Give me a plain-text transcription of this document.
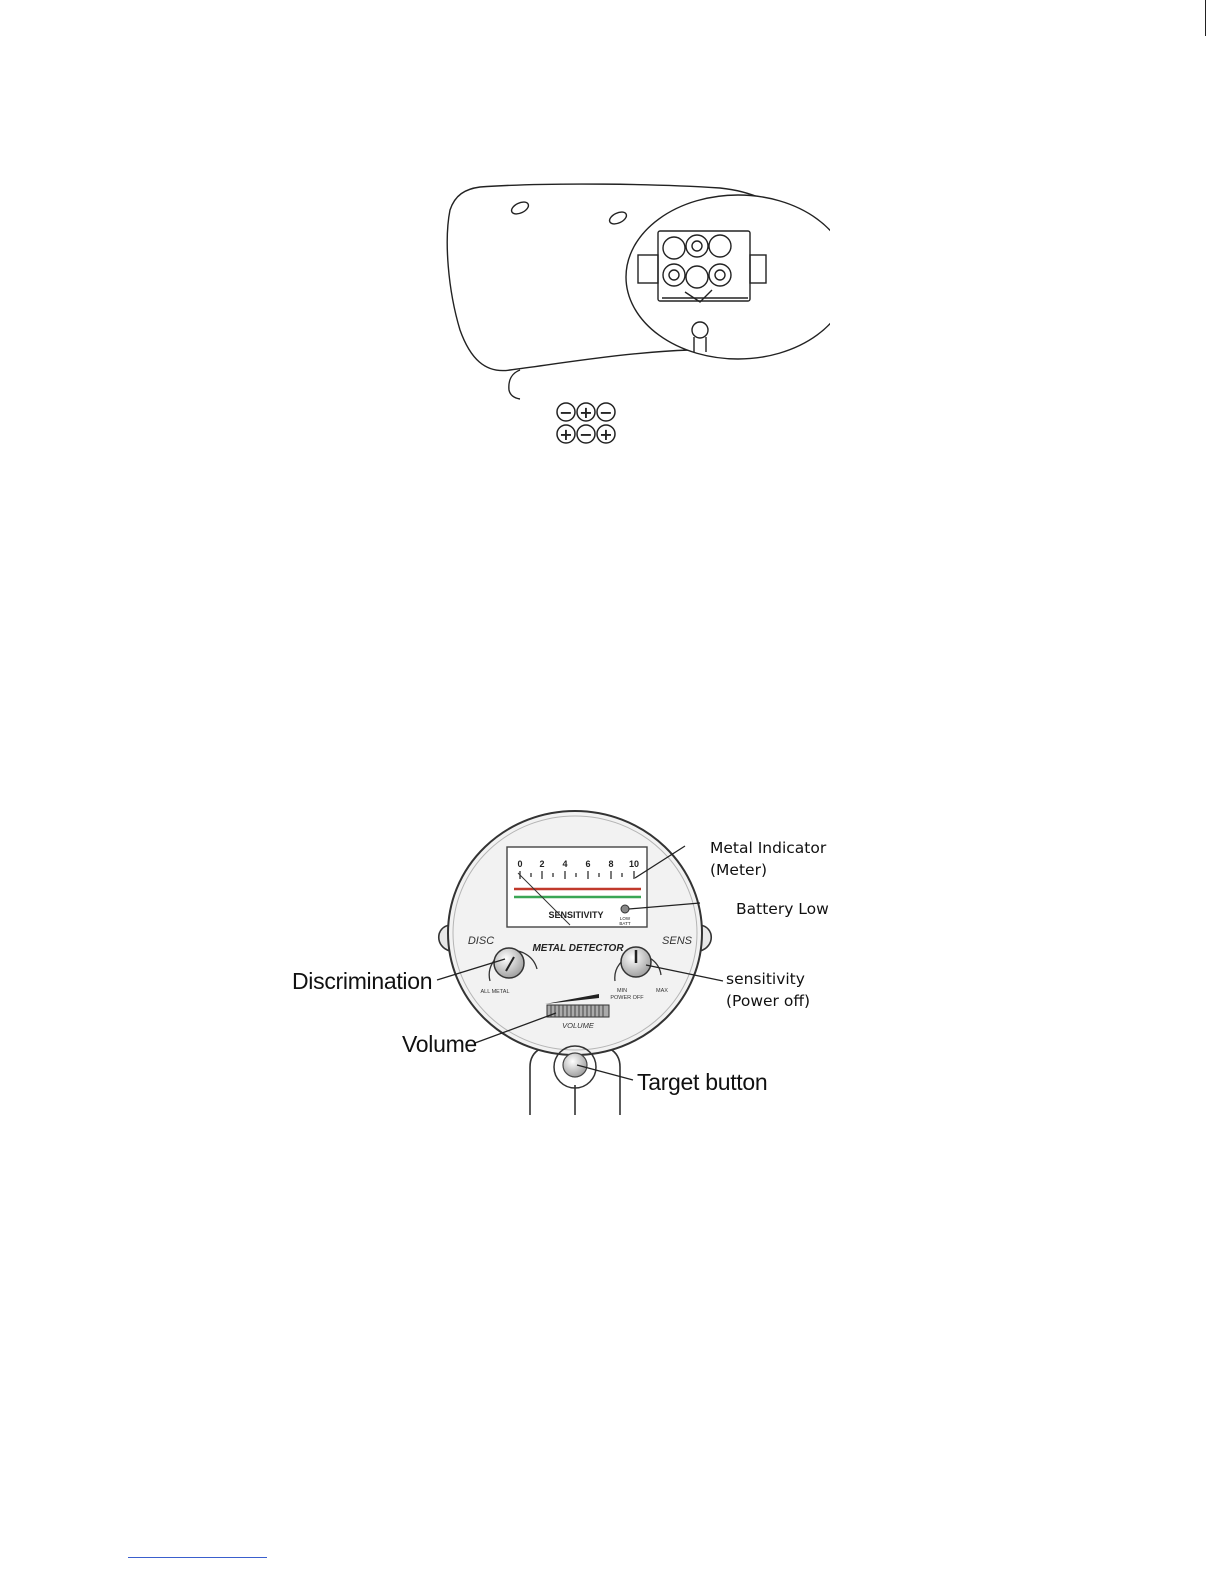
− + −
+ − +
0 2 4 6 8 10
SENSITIVITY	LOW
BATT
METAL DETECTOR
DISC
ALL METAL
SENS
MIN
POWER OFF
MAX
VOLUME
Metal Indicator
(Meter)
Battery Low
Discrimination	sensitivity
(Power off)
Volume
Target button
